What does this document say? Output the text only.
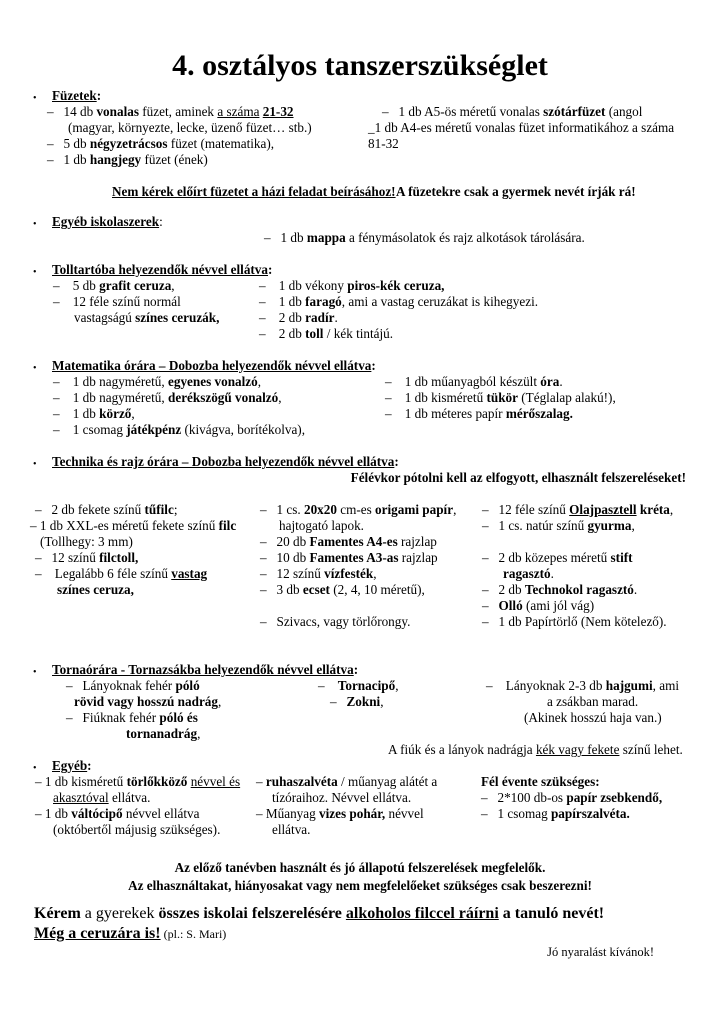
4. osztályos tanszerszükséglet
• Füzetek:
– 14 db vonalas füzet, aminek a száma 21-32
(magyar, környezte, lecke, üzenő füzet… stb.)
– 5 db négyzetrácsos füzet (matematika),
– 1 db hangjegy füzet (ének)
– 1 db A5-ös méretű vonalas szótárfüzet (angol
_1 db A4-es méretű vonalas füzet informatikához a száma
81-32
Nem kérek előírt füzetet a házi feladat beírásához! A füzetekre csak a gyermek nevét írják rá!
• Egyéb iskolaszerek:
– 1 db mappa a fénymásolatok és rajz alkotások tárolására.
• Tolltartóba helyezendők névvel ellátva:
– 5 db grafit ceruza,
– 12 féle színű normál
vastagságú színes ceruzák,
– 1 db vékony piros-kék ceruza,
– 1 db faragó, ami a vastag ceruzákat is kihegyezi.
– 2 db radír.
– 2 db toll / kék tintájú.
• Matematika órára – Dobozba helyezendők névvel ellátva:
– 1 db nagyméretű, egyenes vonalzó,
– 1 db nagyméretű, derékszögű vonalzó,
– 1 db körző,
– 1 csomag játékpénz (kivágva, borítékolva),
– 1 db műanyagból készült óra.
– 1 db kisméretű tükör (Téglalap alakú!),
– 1 db méteres papír mérőszalag.
• Technika és rajz órára – Dobozba helyezendők névvel ellátva:
Félévkor pótolni kell az elfogyott, elhasznált felszereléseket!
– 2 db fekete színű tűfilc;
– 1 db XXL-es méretű fekete színű filc
(Tollhegy: 3 mm)
– 12 színű filctoll,
– Legalább 6 féle színű vastag
színes ceruza,
– 1 cs. 20x20 cm-es origami papír,
hajtogató lapok.
– 20 db Famentes A4-es rajzlap
– 10 db Famentes A3-as rajzlap
– 12 színű vízfesték,
– 3 db ecset (2, 4, 10 méretű),
– Szivacs, vagy törlőrongy.
– 12 féle színű Olajpasztell kréta,
– 1 cs. natúr színű gyurma,
– 2 db közepes méretű stift
ragasztó.
– 2 db Technokol ragasztó.
– Olló (ami jól vág)
– 1 db Papírtörlő (Nem kötelező).
• Tornaórára - Tornazsákba helyezendők névvel ellátva:
– Lányoknak fehér póló
rövid vagy hosszú nadrág,
– Fiúknak fehér póló és
tornanadrág,
– Tornacipő,
– Zokni,
– Lányoknak 2-3 db hajgumi, ami
a zsákban marad.
(Akinek hosszú haja van.)
A fiúk és a lányok nadrágja kék vagy fekete színű lehet.
• Egyéb:
– 1 db kisméretű törlőkköző névvel és
akasztóval ellátva.
– 1 db váltócipő névvel ellátva
(októbertől májusig szükséges).
– ruhaszalvéta / műanyag alátét a
tízóraihoz. Névvel ellátva.
– Műanyag vizes pohár, névvel
ellátva.
Fél évente szükséges:
– 2*100 db-os papír zsebkendő,
– 1 csomag papírszalvéta.
Az előző tanévben használt és jó állapotú felszerelések megfelelők.
Az elhasználtakat, hiányosakat vagy nem megfelelőeket szükséges csak beszerezni!
Kérem a gyerekek összes iskolai felszerelésére alkoholos filccel ráírni a tanuló nevét!
Még a ceruzára is! (pl.: S. Mari)
Jó nyaralást kívánok!
